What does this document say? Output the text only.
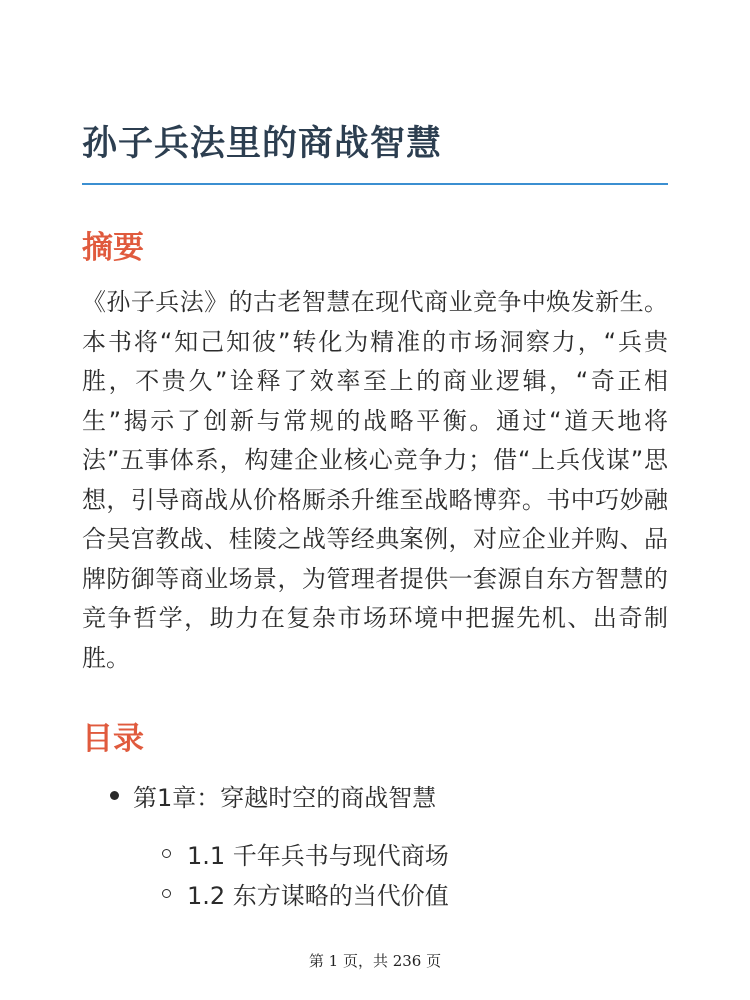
孙子兵法里的商战智慧
摘要

《孙子兵法》的古老智慧在现代商业竞争中焕发新生。本书将“知己知彼”转化为精准的市场洞察力，“兵贵胜，不贵久”诠释了效率至上的商业逻辑，“奇正相生”揭示了创新与常规的战略平衡。通过“道天地将法”五事体系，构建企业核心竞争力；借“上兵伐谋”思想，引导商战从价格厮杀升维至战略博弈。书中巧妙融合吴宫教战、桂陵之战等经典案例，对应企业并购、品牌防御等商业场景，为管理者提供一套源自东方智慧的竞争哲学，助力在复杂市场环境中把握先机、出奇制胜。

目录
第1章：穿越时空的商战智慧
1.1 千年兵书与现代商场
1.2 东方谋略的当代价值
第 1 页，共 236 页
